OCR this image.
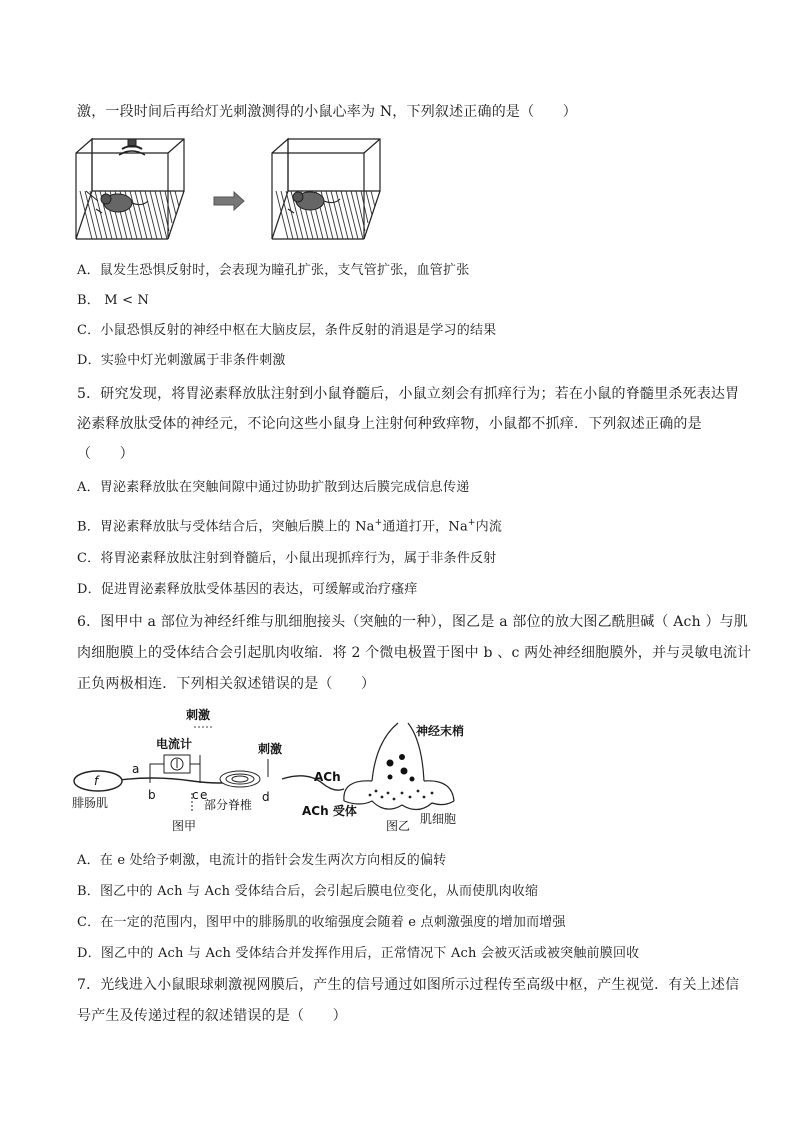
激，一段时间后再给灯光刺激测得的小鼠心率为 N，下列叙述正确的是（　　）
A．鼠发生恐惧反射时，会表现为瞳孔扩张，支气管扩张，血管扩张
B． M < N
C．小鼠恐惧反射的神经中枢在大脑皮层，条件反射的消退是学习的结果
D．实验中灯光刺激属于非条件刺激
5．研究发现，将胃泌素释放肽注射到小鼠脊髓后，小鼠立刻会有抓痒行为；若在小鼠的脊髓里杀死表达胃
泌素释放肽受体的神经元，不论向这些小鼠身上注射何种致痒物，小鼠都不抓痒．下列叙述正确的是
（　　）
A．胃泌素释放肽在突触间隙中通过协助扩散到达后膜完成信息传递
B．胃泌素释放肽与受体结合后，突触后膜上的 Na+通道打开，Na+内流
C．将胃泌素释放肽注射到脊髓后，小鼠出现抓痒行为，属于非条件反射
D．促进胃泌素释放肽受体基因的表达，可缓解或治疗瘙痒
6．图甲中 a 部位为神经纤维与肌细胞接头（突触的一种），图乙是 a 部位的放大图乙酰胆碱（ Ach ）与肌
肉细胞膜上的受体结合会引起肌肉收缩．将 2 个微电极置于图中 b 、c 两处神经细胞膜外，并与灵敏电流计
正负两极相连．下列相关叙述错误的是（　　）
刺激
电流计
f
a
b	c e	d
刺激
腓肠肌	部分脊椎
图甲
神经末梢
ACh
ACh 受体
图乙 肌细胞
A．在 e 处给予刺激，电流计的指针会发生两次方向相反的偏转
B．图乙中的 Ach 与 Ach 受体结合后，会引起后膜电位变化，从而使肌肉收缩
C．在一定的范围内，图甲中的腓肠肌的收缩强度会随着 e 点刺激强度的增加而增强
D．图乙中的 Ach 与 Ach 受体结合并发挥作用后，正常情况下 Ach 会被灭活或被突触前膜回收
7．光线进入小鼠眼球刺激视网膜后，产生的信号通过如图所示过程传至高级中枢，产生视觉．有关上述信
号产生及传递过程的叙述错误的是（　　）
